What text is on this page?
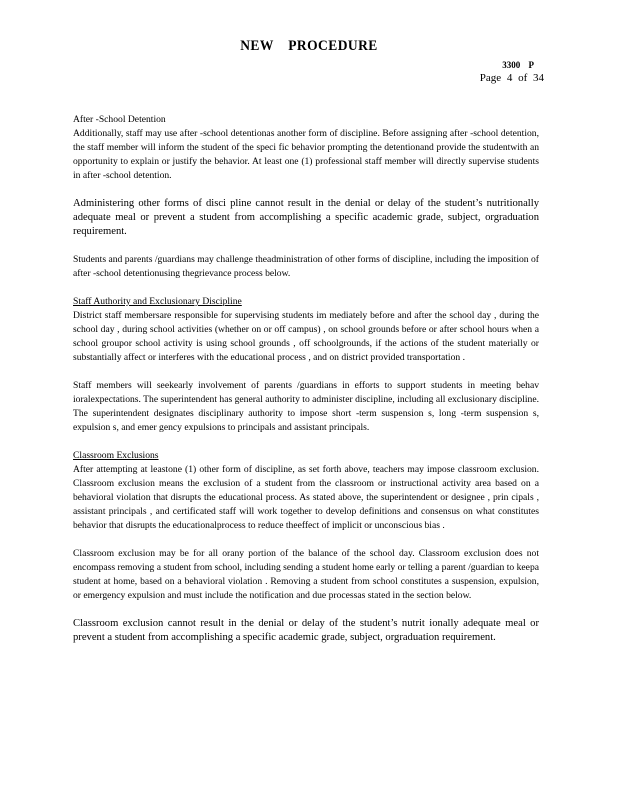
NEW PROCEDURE
3300 P
Page 4 of 34

After -School Detention

Additionally, staff may use after -school detentionas another form of discipline. Before assigning after -school detention, the staff member will inform the student of the speci fic behavior prompting the detentionand provide the studentwith an opportunity to explain or justify the behavior. At least one (1) professional staff member will directly supervise students in after -school detention.

Administering other forms of disci pline cannot result in the denial or delay of the student’s nutritionally adequate meal or prevent a student from accomplishing a specific academic grade, subject, orgraduation requirement.

Students and parents /guardians may challenge theadministration of other forms of discipline, including the imposition of after -school detentionusing thegrievance process below.

Staff Authority and Exclusionary Discipline

District staff membersare responsible for supervising students im mediately before and after the school day , during the school day , during school activities (whether on or off campus) , on school grounds before or after school hours when a school groupor school activity is using school grounds , off schoolgrounds, if the actions of the student materially or substantially affect or interferes with the educational process , and on district provided transportation .

Staff members will seekearly involvement of parents /guardians in efforts to support students in meeting behav ioralexpectations. The superintendent has general authority to administer discipline, including all exclusionary discipline. The superintendent designates disciplinary authority to impose short -term suspension s, long -term suspension s, expulsion s, and emer gency expulsions to principals and assistant principals.

Classroom Exclusions

After attempting at leastone (1) other form of discipline, as set forth above, teachers may impose classroom exclusion. Classroom exclusion means the exclusion of a student from the classroom or instructional activity area based on a behavioral violation that disrupts the educational process. As stated above, the superintendent or designee , prin cipals , assistant principals , and certificated staff will work together to develop definitions and consensus on what constitutes behavior that disrupts the educationalprocess to reduce theeffect of implicit or unconscious bias .

Classroom exclusion may be for all orany portion of the balance of the school day. Classroom exclusion does not encompass removing a student from school, including sending a student home early or telling a parent /guardian to keepa student at home, based on a behavioral violation . Removing a student from school constitutes a suspension, expulsion, or emergency expulsion and must include the notification and due processas stated in the section below.

Classroom exclusion cannot result in the denial or delay of the student’s nutrit ionally adequate meal or prevent a student from accomplishing a specific academic grade, subject, orgraduation requirement.
